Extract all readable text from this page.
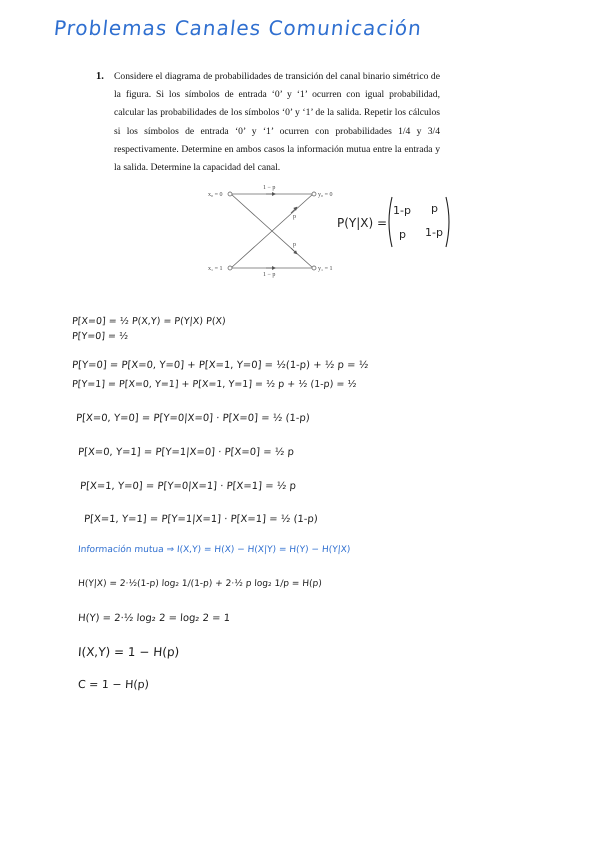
Problemas Canales Comunicación
1. Considere el diagrama de probabilidades de transición del canal binario simétrico de la figura. Si los símbolos de entrada ‘0’ y ‘1’ ocurren con igual probabilidad, calcular las probabilidades de los símbolos ‘0’ y ‘1’ de la salida. Repetir los cálculos si los símbolos de entrada ‘0’ y ‘1’ ocurren con probabilidades 1/4 y 3/4 respectivamente. Determine en ambos casos la información mutua entre la entrada y la salida. Determine la capacidad del canal.
x₀ = 0
x₁ = 1
y₀ = 0
y₁ = 1
1 − p
1 − p
p
p
P(Y|X) =
1-p p
p 1-p
P[X=0] = ½ P(X,Y) = P(Y|X) P(X)
P[Y=0] = ½
P[Y=0] = P[X=0, Y=0] + P[X=1, Y=0] = ½(1-p) + ½ p = ½
P[Y=1] = P[X=0, Y=1] + P[X=1, Y=1] = ½ p + ½ (1-p) = ½
P[X=0, Y=0] = P[Y=0|X=0] · P[X=0] = ½ (1-p)
P[X=0, Y=1] = P[Y=1|X=0] · P[X=0] = ½ p
P[X=1, Y=0] = P[Y=0|X=1] · P[X=1] = ½ p
P[X=1, Y=1] = P[Y=1|X=1] · P[X=1] = ½ (1-p)
Información mutua ⇒ I(X,Y) = H(X) − H(X|Y) = H(Y) − H(Y|X)
H(Y|X) = 2·½(1-p) log₂ 1/(1-p) + 2·½ p log₂ 1/p = H(p)
H(Y) = 2·½ log₂ 2 = log₂ 2 = 1
I(X,Y) = 1 − H(p)
C = 1 − H(p)
